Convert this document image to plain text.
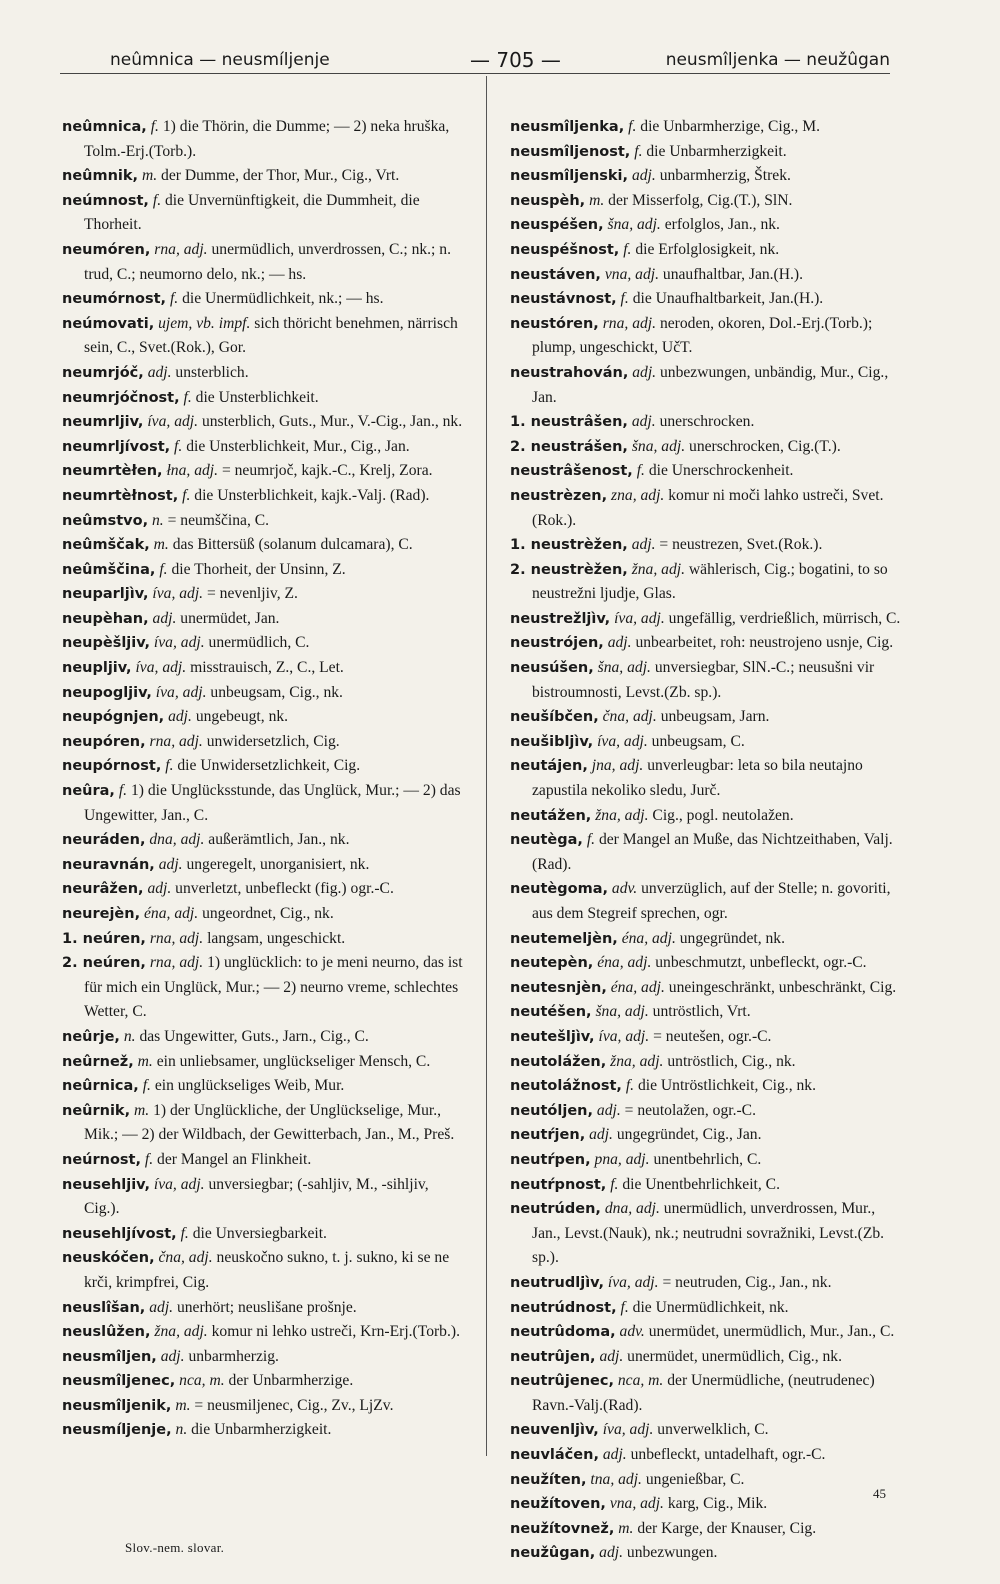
neûmnica — neusmíljenje	— 705 —	neusmîljenka — neužûgan

neûmnica, f. 1) die Thörin, die Dumme; — 2) neka hruška, Tolm.-Erj.(Torb.).

neûmnik, m. der Dumme, der Thor, Mur., Cig., Vrt.

neúmnost, f. die Unvernünftigkeit, die Dummheit, die Thorheit.

neumóren, rna, adj. unermüdlich, unverdrossen, C.; nk.; n. trud, C.; neumorno delo, nk.; — hs.

neumórnost, f. die Unermüdlichkeit, nk.; — hs.

neúmovati, ujem, vb. impf. sich thöricht benehmen, närrisch sein, C., Svet.(Rok.), Gor.

neumrjóč, adj. unsterblich.

neumrjóčnost, f. die Unsterblichkeit.

neumrljiv, íva, adj. unsterblich, Guts., Mur., V.-Cig., Jan., nk.

neumrljívost, f. die Unsterblichkeit, Mur., Cig., Jan.

neumrtèłen, łna, adj. = neumrjoč, kajk.-C., Krelj, Zora.

neumrtèłnost, f. die Unsterblichkeit, kajk.-Valj. (Rad).

neûmstvo, n. = neumščina, C.

neûmščak, m. das Bittersüß (solanum dulcamara), C.

neûmščina, f. die Thorheit, der Unsinn, Z.

neuparljìv, íva, adj. = nevenljiv, Z.

neupèhan, adj. unermüdet, Jan.

neupèšljiv, íva, adj. unermüdlich, C.

neupljiv, íva, adj. misstrauisch, Z., C., Let.

neupogljiv, íva, adj. unbeugsam, Cig., nk.

neupógnjen, adj. ungebeugt, nk.

neupóren, rna, adj. unwidersetzlich, Cig.

neupórnost, f. die Unwidersetzlichkeit, Cig.

neûra, f. 1) die Unglücksstunde, das Unglück, Mur.; — 2) das Ungewitter, Jan., C.

neuráden, dna, adj. außerämtlich, Jan., nk.

neuravnán, adj. ungeregelt, unorganisiert, nk.

neurâžen, adj. unverletzt, unbefleckt (fig.) ogr.-C.

neurejèn, éna, adj. ungeordnet, Cig., nk.

1. neúren, rna, adj. langsam, ungeschickt.

2. neúren, rna, adj. 1) unglücklich: to je meni neurno, das ist für mich ein Unglück, Mur.; — 2) neurno vreme, schlechtes Wetter, C.

neûrje, n. das Ungewitter, Guts., Jarn., Cig., C.

neûrnež, m. ein unliebsamer, unglückseliger Mensch, C.

neûrnica, f. ein unglückseliges Weib, Mur.

neûrnik, m. 1) der Unglückliche, der Unglückselige, Mur., Mik.; — 2) der Wildbach, der Gewitterbach, Jan., M., Preš.

neúrnost, f. der Mangel an Flinkheit.

neusehljiv, íva, adj. unversiegbar; (-sahljiv, M., -sihljiv, Cig.).

neusehljívost, f. die Unversiegbarkeit.

neuskóčen, čna, adj. neuskočno sukno, t. j. sukno, ki se ne krči, krimpfrei, Cig.

neuslîšan, adj. unerhört; neuslišane prošnje.

neuslûžen, žna, adj. komur ni lehko ustreči, Krn-Erj.(Torb.).

neusmîljen, adj. unbarmherzig.

neusmîljenec, nca, m. der Unbarmherzige.

neusmîljenik, m. = neusmiljenec, Cig., Zv., LjZv.

neusmíljenje, n. die Unbarmherzigkeit.

neusmîljenka, f. die Unbarmherzige, Cig., M.

neusmîljenost, f. die Unbarmherzigkeit.

neusmîljenski, adj. unbarmherzig, Štrek.

neuspèh, m. der Misserfolg, Cig.(T.), SlN.

neuspéšen, šna, adj. erfolglos, Jan., nk.

neuspéšnost, f. die Erfolglosigkeit, nk.

neustáven, vna, adj. unaufhaltbar, Jan.(H.).

neustávnost, f. die Unaufhaltbarkeit, Jan.(H.).

neustóren, rna, adj. neroden, okoren, Dol.-Erj.(Torb.); plump, ungeschickt, UčT.

neustrahován, adj. unbezwungen, unbändig, Mur., Cig., Jan.

1. neustrâšen, adj. unerschrocken.

2. neustrášen, šna, adj. unerschrocken, Cig.(T.).

neustrâšenost, f. die Unerschrockenheit.

neustrèzen, zna, adj. komur ni moči lahko ustreči, Svet.(Rok.).

1. neustrèžen, adj. = neustrezen, Svet.(Rok.).

2. neustrèžen, žna, adj. wählerisch, Cig.; bogatini, to so neustrežni ljudje, Glas.

neustrežljìv, íva, adj. ungefällig, verdrießlich, mürrisch, C.

neustrójen, adj. unbearbeitet, roh: neustrojeno usnje, Cig.

neusúšen, šna, adj. unversiegbar, SlN.-C.; neusušni vir bistroumnosti, Levst.(Zb. sp.).

neušíbčen, čna, adj. unbeugsam, Jarn.

neušibljìv, íva, adj. unbeugsam, C.

neutájen, jna, adj. unverleugbar: leta so bila neutajno zapustila nekoliko sledu, Jurč.

neutážen, žna, adj. Cig., pogl. neutolažen.

neutèga, f. der Mangel an Muße, das Nichtzeithaben, Valj.(Rad).

neutègoma, adv. unverzüglich, auf der Stelle; n. govoriti, aus dem Stegreif sprechen, ogr.

neutemeljèn, éna, adj. ungegründet, nk.

neutepèn, éna, adj. unbeschmutzt, unbefleckt, ogr.-C.

neutesnjèn, éna, adj. uneingeschränkt, unbeschränkt, Cig.

neutéšen, šna, adj. untröstlich, Vrt.

neutešljìv, íva, adj. = neutešen, ogr.-C.

neutolážen, žna, adj. untröstlich, Cig., nk.

neutolážnost, f. die Untröstlichkeit, Cig., nk.

neutóljen, adj. = neutolažen, ogr.-C.

neutŕjen, adj. ungegründet, Cig., Jan.

neutŕpen, pna, adj. unentbehrlich, C.

neutŕpnost, f. die Unentbehrlichkeit, C.

neutrúden, dna, adj. unermüdlich, unverdrossen, Mur., Jan., Levst.(Nauk), nk.; neutrudni sovražniki, Levst.(Zb. sp.).

neutrudljìv, íva, adj. = neutruden, Cig., Jan., nk.

neutrúdnost, f. die Unermüdlichkeit, nk.

neutrûdoma, adv. unermüdet, unermüdlich, Mur., Jan., C.

neutrûjen, adj. unermüdet, unermüdlich, Cig., nk.

neutrûjenec, nca, m. der Unermüdliche, (neutrudenec) Ravn.-Valj.(Rad).

neuvenljìv, íva, adj. unverwelklich, C.

neuvláčen, adj. unbefleckt, untadelhaft, ogr.-C.

neužíten, tna, adj. ungenießbar, C.

neužítoven, vna, adj. karg, Cig., Mik.

neužítovnež, m. der Karge, der Knauser, Cig.

neužûgan, adj. unbezwungen.

Slov.-nem. slovar.
45
